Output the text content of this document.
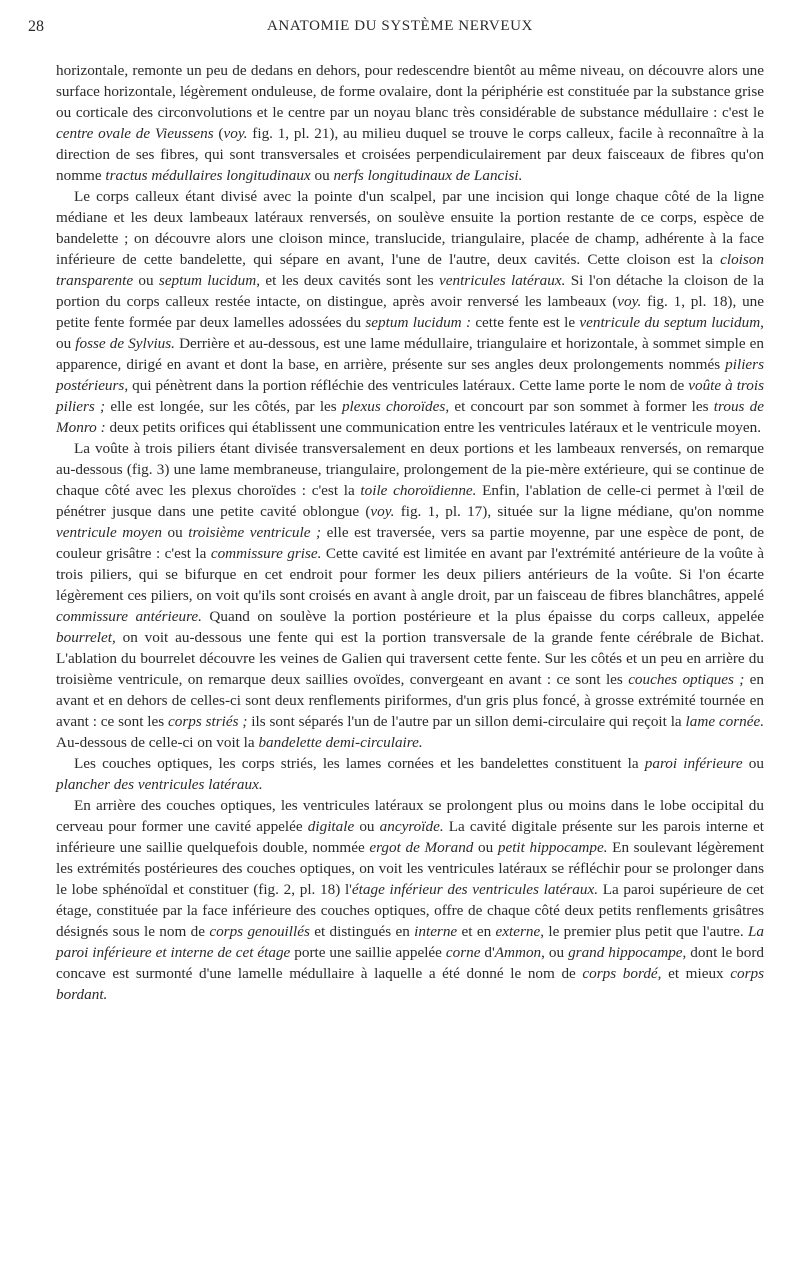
28	ANATOMIE DU SYSTÈME NERVEUX

horizontale, remonte un peu de dedans en dehors, pour redescendre bientôt au même niveau, on découvre alors une surface horizontale, légèrement onduleuse, de forme ovalaire, dont la périphérie est constituée par la substance grise ou corticale des circonvolutions et le centre par un noyau blanc très considérable de substance médullaire : c'est le centre ovale de Vieussens (voy. fig. 1, pl. 21), au milieu duquel se trouve le corps calleux, facile à reconnaître à la direction de ses fibres, qui sont transversales et croisées perpendiculairement par deux faisceaux de fibres qu'on nomme tractus médullaires longitudinaux ou nerfs longitudinaux de Lancisi.

Le corps calleux étant divisé avec la pointe d'un scalpel, par une incision qui longe chaque côté de la ligne médiane et les deux lambeaux latéraux renversés, on soulève ensuite la portion restante de ce corps, espèce de bandelette ; on découvre alors une cloison mince, translucide, triangulaire, placée de champ, adhérente à la face inférieure de cette bandelette, qui sépare en avant, l'une de l'autre, deux cavités. Cette cloison est la cloison transparente ou septum lucidum, et les deux cavités sont les ventricules latéraux. Si l'on détache la cloison de la portion du corps calleux restée intacte, on distingue, après avoir renversé les lambeaux (voy. fig. 1, pl. 18), une petite fente formée par deux lamelles adossées du septum lucidum : cette fente est le ventricule du septum lucidum, ou fosse de Sylvius. Derrière et au-dessous, est une lame médullaire, triangulaire et horizontale, à sommet simple en apparence, dirigé en avant et dont la base, en arrière, présente sur ses angles deux prolongements nommés piliers postérieurs, qui pénètrent dans la portion réfléchie des ventricules latéraux. Cette lame porte le nom de voûte à trois piliers ; elle est longée, sur les côtés, par les plexus choroïdes, et concourt par son sommet à former les trous de Monro : deux petits orifices qui établissent une communication entre les ventricules latéraux et le ventricule moyen.

La voûte à trois piliers étant divisée transversalement en deux portions et les lambeaux renversés, on remarque au-dessous (fig. 3) une lame membraneuse, triangulaire, prolongement de la pie-mère extérieure, qui se continue de chaque côté avec les plexus choroïdes : c'est la toile choroïdienne. Enfin, l'ablation de celle-ci permet à l'œil de pénétrer jusque dans une petite cavité oblongue (voy. fig. 1, pl. 17), située sur la ligne médiane, qu'on nomme ventricule moyen ou troisième ventricule ; elle est traversée, vers sa partie moyenne, par une espèce de pont, de couleur grisâtre : c'est la commissure grise. Cette cavité est limitée en avant par l'extrémité antérieure de la voûte à trois piliers, qui se bifurque en cet endroit pour former les deux piliers antérieurs de la voûte. Si l'on écarte légèrement ces piliers, on voit qu'ils sont croisés en avant à angle droit, par un faisceau de fibres blanchâtres, appelé commissure antérieure. Quand on soulève la portion postérieure et la plus épaisse du corps calleux, appelée bourrelet, on voit au-dessous une fente qui est la portion transversale de la grande fente cérébrale de Bichat. L'ablation du bourrelet découvre les veines de Galien qui traversent cette fente. Sur les côtés et un peu en arrière du troisième ventricule, on remarque deux saillies ovoïdes, convergeant en avant : ce sont les couches optiques ; en avant et en dehors de celles-ci sont deux renflements piriformes, d'un gris plus foncé, à grosse extrémité tournée en avant : ce sont les corps striés ; ils sont séparés l'un de l'autre par un sillon demi-circulaire qui reçoit la lame cornée. Au-dessous de celle-ci on voit la bandelette demi-circulaire.

Les couches optiques, les corps striés, les lames cornées et les bandelettes constituent la paroi inférieure ou plancher des ventricules latéraux.

En arrière des couches optiques, les ventricules latéraux se prolongent plus ou moins dans le lobe occipital du cerveau pour former une cavité appelée digitale ou ancyroïde. La cavité digitale présente sur les parois interne et inférieure une saillie quelquefois double, nommée ergot de Morand ou petit hippocampe. En soulevant légèrement les extrémités postérieures des couches optiques, on voit les ventricules latéraux se réfléchir pour se prolonger dans le lobe sphénoïdal et constituer (fig. 2, pl. 18) l'étage inférieur des ventricules latéraux. La paroi supérieure de cet étage, constituée par la face inférieure des couches optiques, offre de chaque côté deux petits renflements grisâtres désignés sous le nom de corps genouillés et distingués en interne et en externe, le premier plus petit que l'autre. La paroi inférieure et interne de cet étage porte une saillie appelée corne d'Ammon, ou grand hippocampe, dont le bord concave est surmonté d'une lamelle médullaire à laquelle a été donné le nom de corps bordé, et mieux corps bordant.
